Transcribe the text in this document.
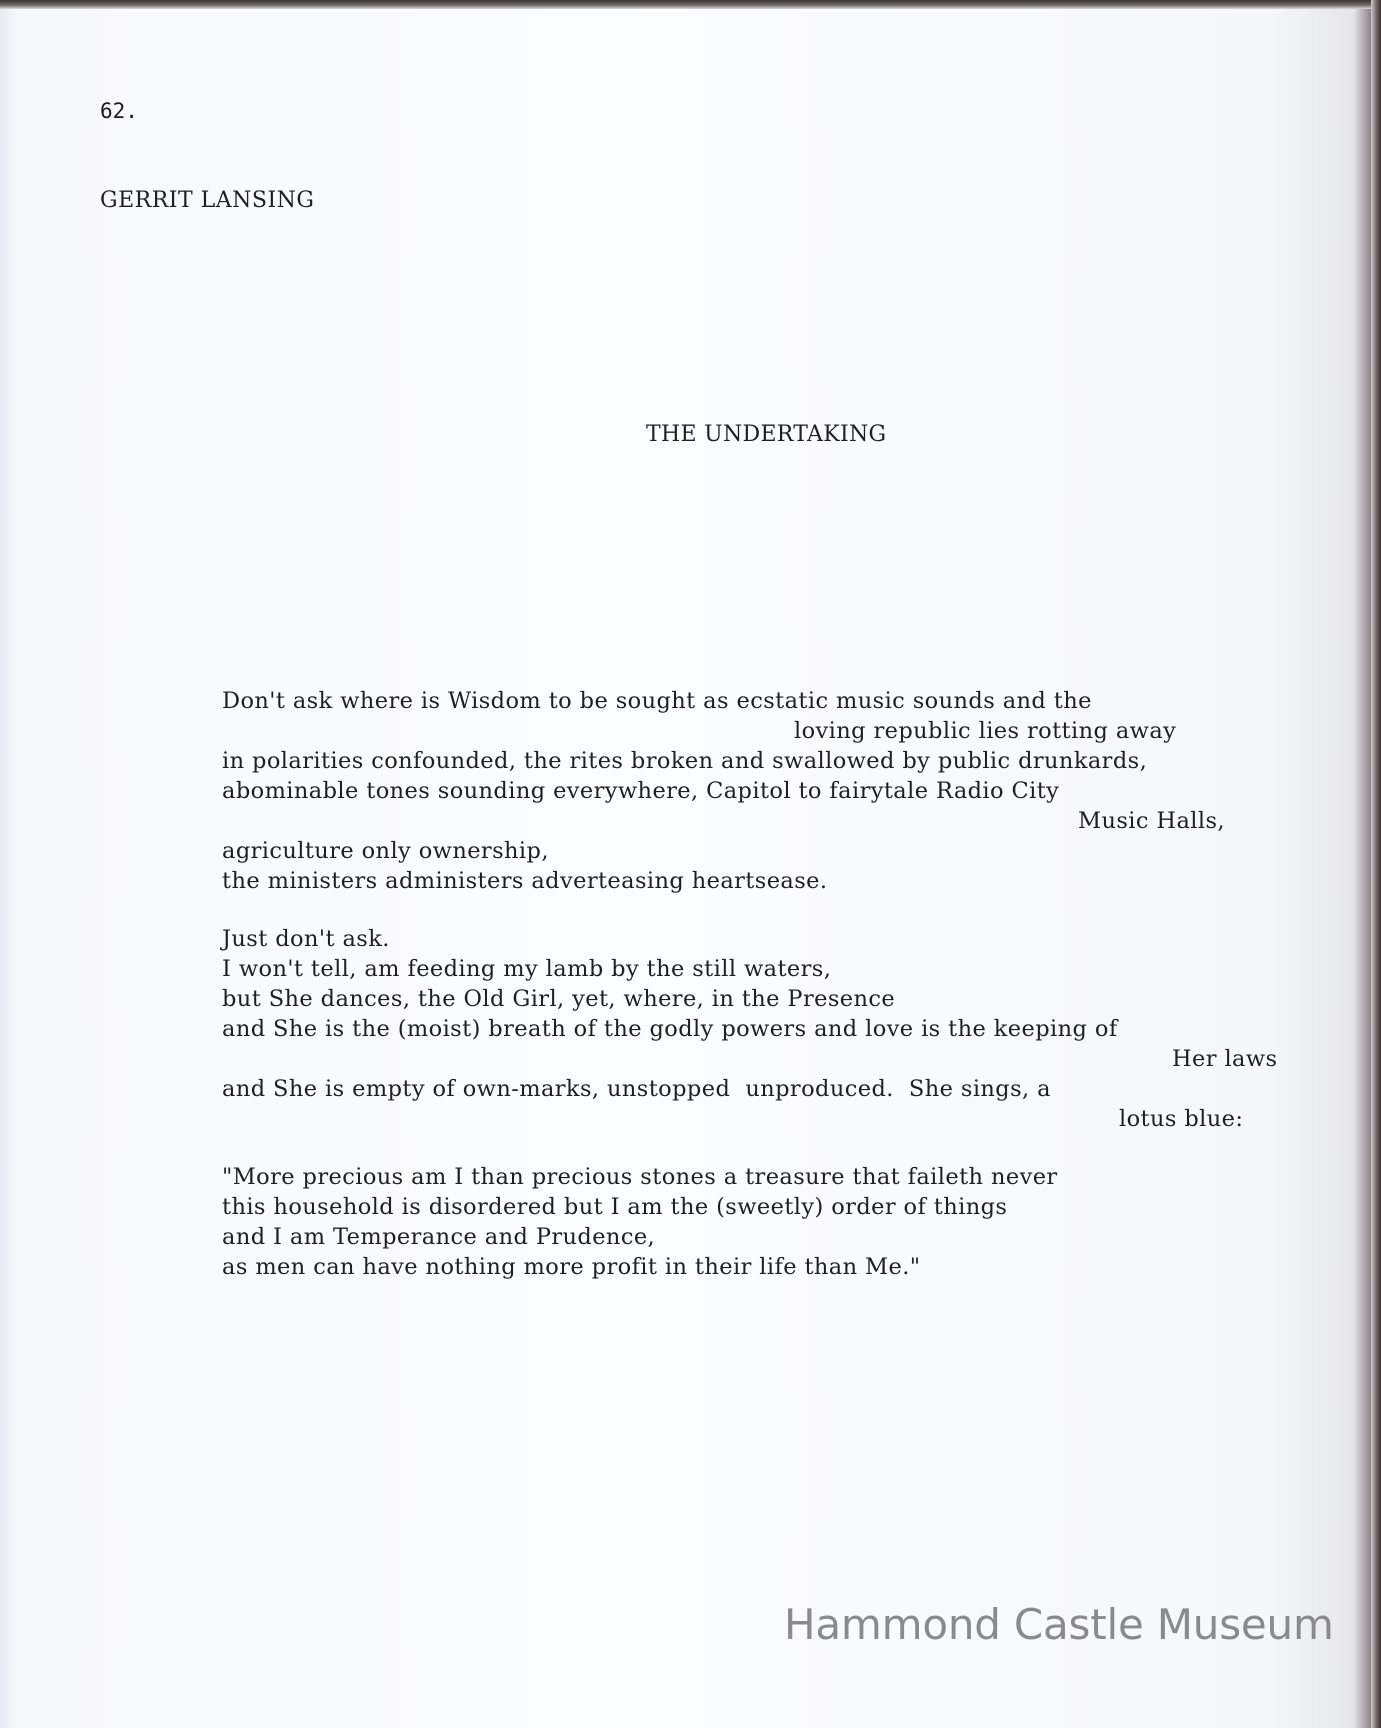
62.

GERRIT LANSING

THE UNDERTAKING
Don't ask where is Wisdom to be sought as ecstatic music sounds and the
loving republic lies rotting away
in polarities confounded, the rites broken and swallowed by public drunkards,
abominable tones sounding everywhere, Capitol to fairytale Radio City
Music Halls,
agriculture only ownership,
the ministers administers adverteasing heartsease.
Just don't ask.
I won't tell, am feeding my lamb by the still waters,
but She dances, the Old Girl, yet, where, in the Presence
and She is the (moist) breath of the godly powers and love is the keeping of
Her laws
and She is empty of own-marks, unstopped  unproduced.  She sings, a
lotus blue:
"More precious am I than precious stones a treasure that faileth never
this household is disordered but I am the (sweetly) order of things
and I am Temperance and Prudence,
as men can have nothing more profit in their life than Me."
Hammond Castle Museum
